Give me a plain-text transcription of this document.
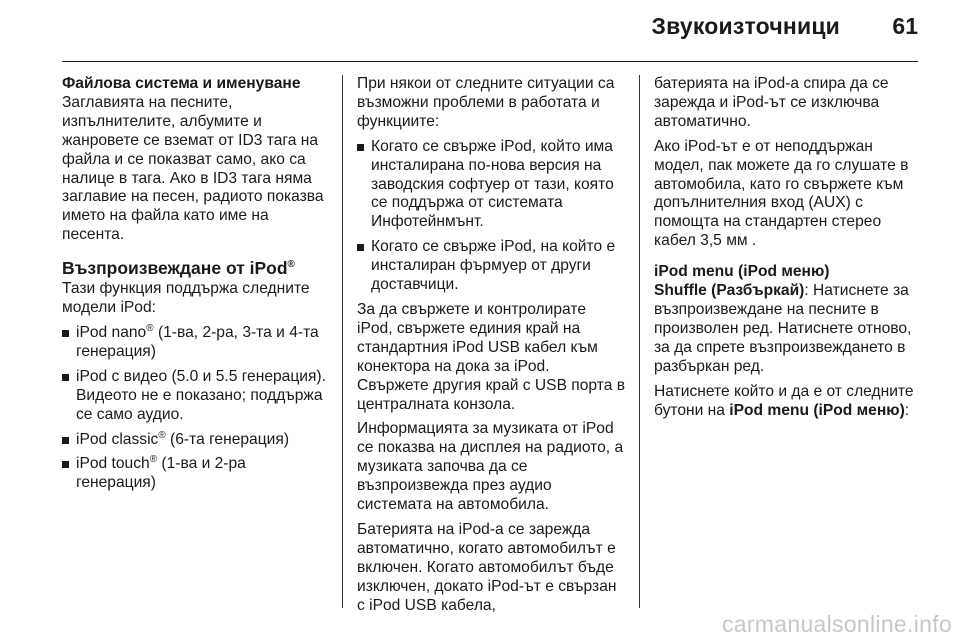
Звукоизточници 61
Файлова система и именуване
Заглавията на песните, изпълнителите, албумите и жанровете се вземат от ID3 тага на файла и се показват само, ако са налице в тага. Ако в ID3 тага няма заглавие на песен, радиото показва името на файла като име на песента.
Възпроизвеждане от iPod®
Тази функция поддържа следните модели iPod:
iPod nano® (1-ва, 2-ра, 3-та и 4-та генерация)
iPod с видео (5.0 и 5.5 генерация). Видеото не е показано; поддържа се само аудио.
iPod classic® (6-та генерация)
iPod touch® (1-ва и 2-ра генерация)
При някои от следните ситуации са възможни проблеми в работата и функциите:
Когато се свърже iPod, който има инсталирана по-нова версия на заводския софтуер от тази, която се поддържа от системата Инфотейнмънт.
Когато се свърже iPod, на който е инсталиран фърмуер от други доставчици.
За да свържете и контролирате iPod, свържете единия край на стандартния iPod USB кабел към конектора на дока за iPod. Свържете другия край с USB порта в централната конзола.
Информацията за музиката от iPod се показва на дисплея на радиото, а музиката започва да се възпроизвежда през аудио системата на автомобила.
Батерията на iPod-а се зарежда автоматично, когато автомобилът е включен. Когато автомобилът бъде изключен, докато iPod-ът е свързан с iPod USB кабела,
батерията на iPod-а спира да се зарежда и iPod-ът се изключва автоматично.
Ако iPod-ът е от неподдържан модел, пак можете да го слушате в автомобила, като го свържете към допълнителния вход (AUX) с помощта на стандартен стерео кабел 3,5 мм .
iPod menu (iPod меню)
Shuffle (Разбъркай): Натиснете за възпроизвеждане на песните в произволен ред. Натиснете отново, за да спрете възпроизвеждането в разбъркан ред.
Натиснете който и да е от следните бутони на iPod menu (iPod меню):
carmanualsonline.info
